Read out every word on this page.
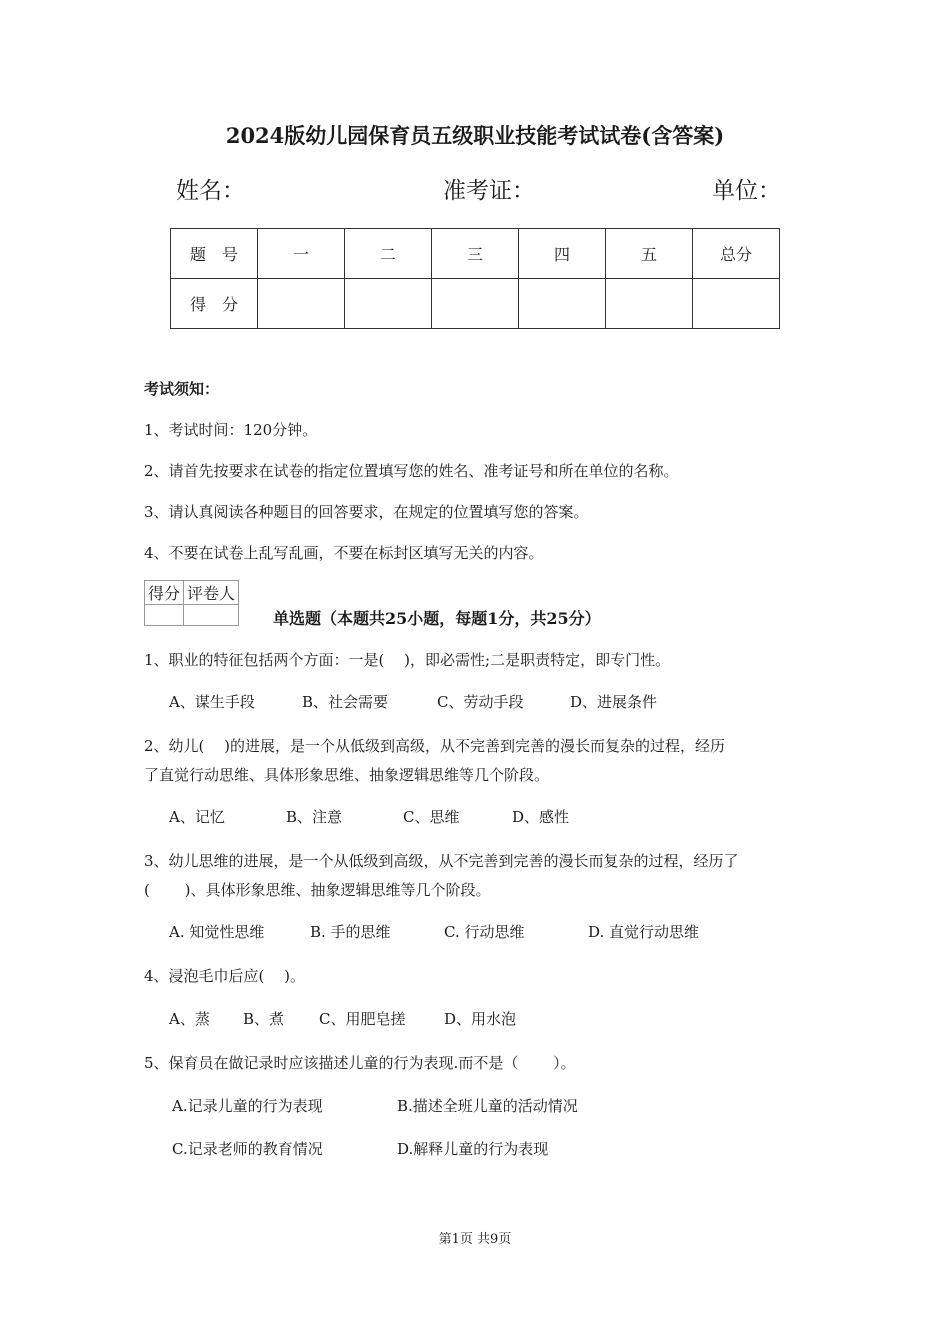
2024版幼儿园保育员五级职业技能考试试卷(含答案)
姓名：	准考证：	单位：
题　号	一	二	三	四	五	总分
得　分						
考试须知：
1、考试时间：120分钟。
2、请首先按要求在试卷的指定位置填写您的姓名、准考证号和所在单位的名称。
3、请认真阅读各种题目的回答要求，在规定的位置填写您的答案。
4、不要在试卷上乱写乱画，不要在标封区填写无关的内容。
得分	评卷人

单选题（本题共25小题，每题1分，共25分）
1、职业的特征包括两个方面：一是(　 )，即必需性;二是职责特定，即专门性。
A、谋生手段	B、社会需要	C、劳动手段	D、进展条件
2、幼儿(　 )的进展，是一个从低级到高级，从不完善到完善的漫长而复杂的过程，经历
了直觉行动思维、具体形象思维、抽象逻辑思维等几个阶段。
A、记忆	B、注意	C、思维	D、感性
3、幼儿思维的进展，是一个从低级到高级，从不完善到完善的漫长而复杂的过程，经历了
(　　 )、具体形象思维、抽象逻辑思维等几个阶段。
A. 知觉性思维	B. 手的思维	C. 行动思维	D. 直觉行动思维
4、浸泡毛巾后应(　 )。
A、蒸 B、煮 C、用肥皂搓	D、用水泡
5、保育员在做记录时应该描述儿童的行为表现.而不是（　　 ）。
A.记录儿童的行为表现	B.描述全班儿童的活动情况
C.记录老师的教育情况	D.解释儿童的行为表现
第1页 共9页
